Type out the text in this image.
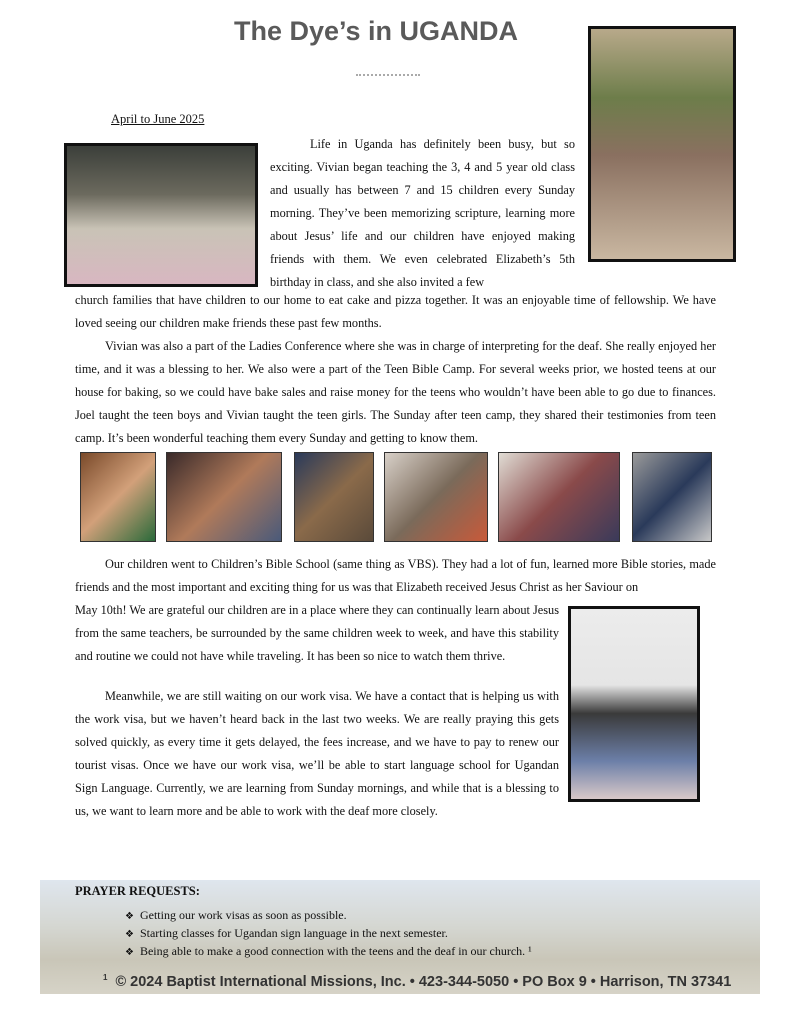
The Dye’s in UGANDA
April to June 2025

Life in Uganda has definitely been busy, but so exciting. Vivian began teaching the 3, 4 and 5 year old class and usually has between 7 and 15 children every Sunday morning. They’ve been memorizing scripture, learning more about Jesus’ life and our children have enjoyed making friends with them. We even celebrated Elizabeth’s 5th birthday in class, and she also invited a few

church families that have children to our home to eat cake and pizza together. It was an enjoyable time of fellowship. We have loved seeing our children make friends these past few months.

Vivian was also a part of the Ladies Conference where she was in charge of interpreting for the deaf. She really enjoyed her time, and it was a blessing to her. We also were a part of the Teen Bible Camp. For several weeks prior, we hosted teens at our house for baking, so we could have bake sales and raise money for the teens who wouldn’t have been able to go due to finances. Joel taught the teen boys and Vivian taught the teen girls. The Sunday after teen camp, they shared their testimonies from teen camp. It’s been wonderful teaching them every Sunday and getting to know them.

Our children went to Children’s Bible School (same thing as VBS). They had a lot of fun, learned more Bible stories, made friends and the most important and exciting thing for us was that Elizabeth received Jesus Christ as her Saviour on

May 10th! We are grateful our children are in a place where they can continually learn about Jesus from the same teachers, be surrounded by the same children week to week, and have this stability and routine we could not have while traveling. It has been so nice to watch them thrive.

Meanwhile, we are still waiting on our work visa. We have a contact that is helping us with the work visa, but we haven’t heard back in the last two weeks. We are really praying this gets solved quickly, as every time it gets delayed, the fees increase, and we have to pay to renew our tourist visas. Once we have our work visa, we’ll be able to start language school for Ugandan Sign Language. Currently, we are learning from Sunday mornings, and while that is a blessing to us, we want to learn more and be able to work with the deaf more closely.

PRAYER REQUESTS:
❖ Getting our work visas as soon as possible.
❖ Starting classes for Ugandan sign language in the next semester.
❖ Being able to make a good connection with the teens and the deaf in our church. ¹
$^1$ © 2024 Baptist International Missions, Inc. • 423-344-5050 • PO Box 9 • Harrison, TN 37341
